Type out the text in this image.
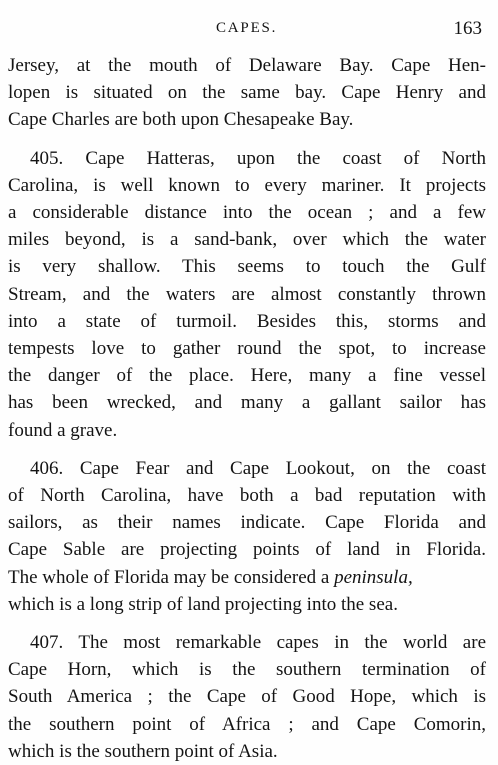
CAPES.	163

Jersey, at the mouth of Delaware Bay. Cape Hen-
lopen is situated on the same bay. Cape Henry and
Cape Charles are both upon Chesapeake Bay.

405. Cape Hatteras, upon the coast of North
Carolina, is well known to every mariner. It projects
a considerable distance into the ocean ; and a few
miles beyond, is a sand-bank, over which the water
is very shallow. This seems to touch the Gulf
Stream, and the waters are almost constantly thrown
into a state of turmoil. Besides this, storms and
tempests love to gather round the spot, to increase
the danger of the place. Here, many a fine vessel
has been wrecked, and many a gallant sailor has
found a grave.

406. Cape Fear and Cape Lookout, on the coast
of North Carolina, have both a bad reputation with
sailors, as their names indicate. Cape Florida and
Cape Sable are projecting points of land in Florida.
The whole of Florida may be considered a peninsula,
which is a long strip of land projecting into the sea.

407. The most remarkable capes in the world are
Cape Horn, which is the southern termination of
South America ; the Cape of Good Hope, which is
the southern point of Africa ; and Cape Comorin,
which is the southern point of Asia.
